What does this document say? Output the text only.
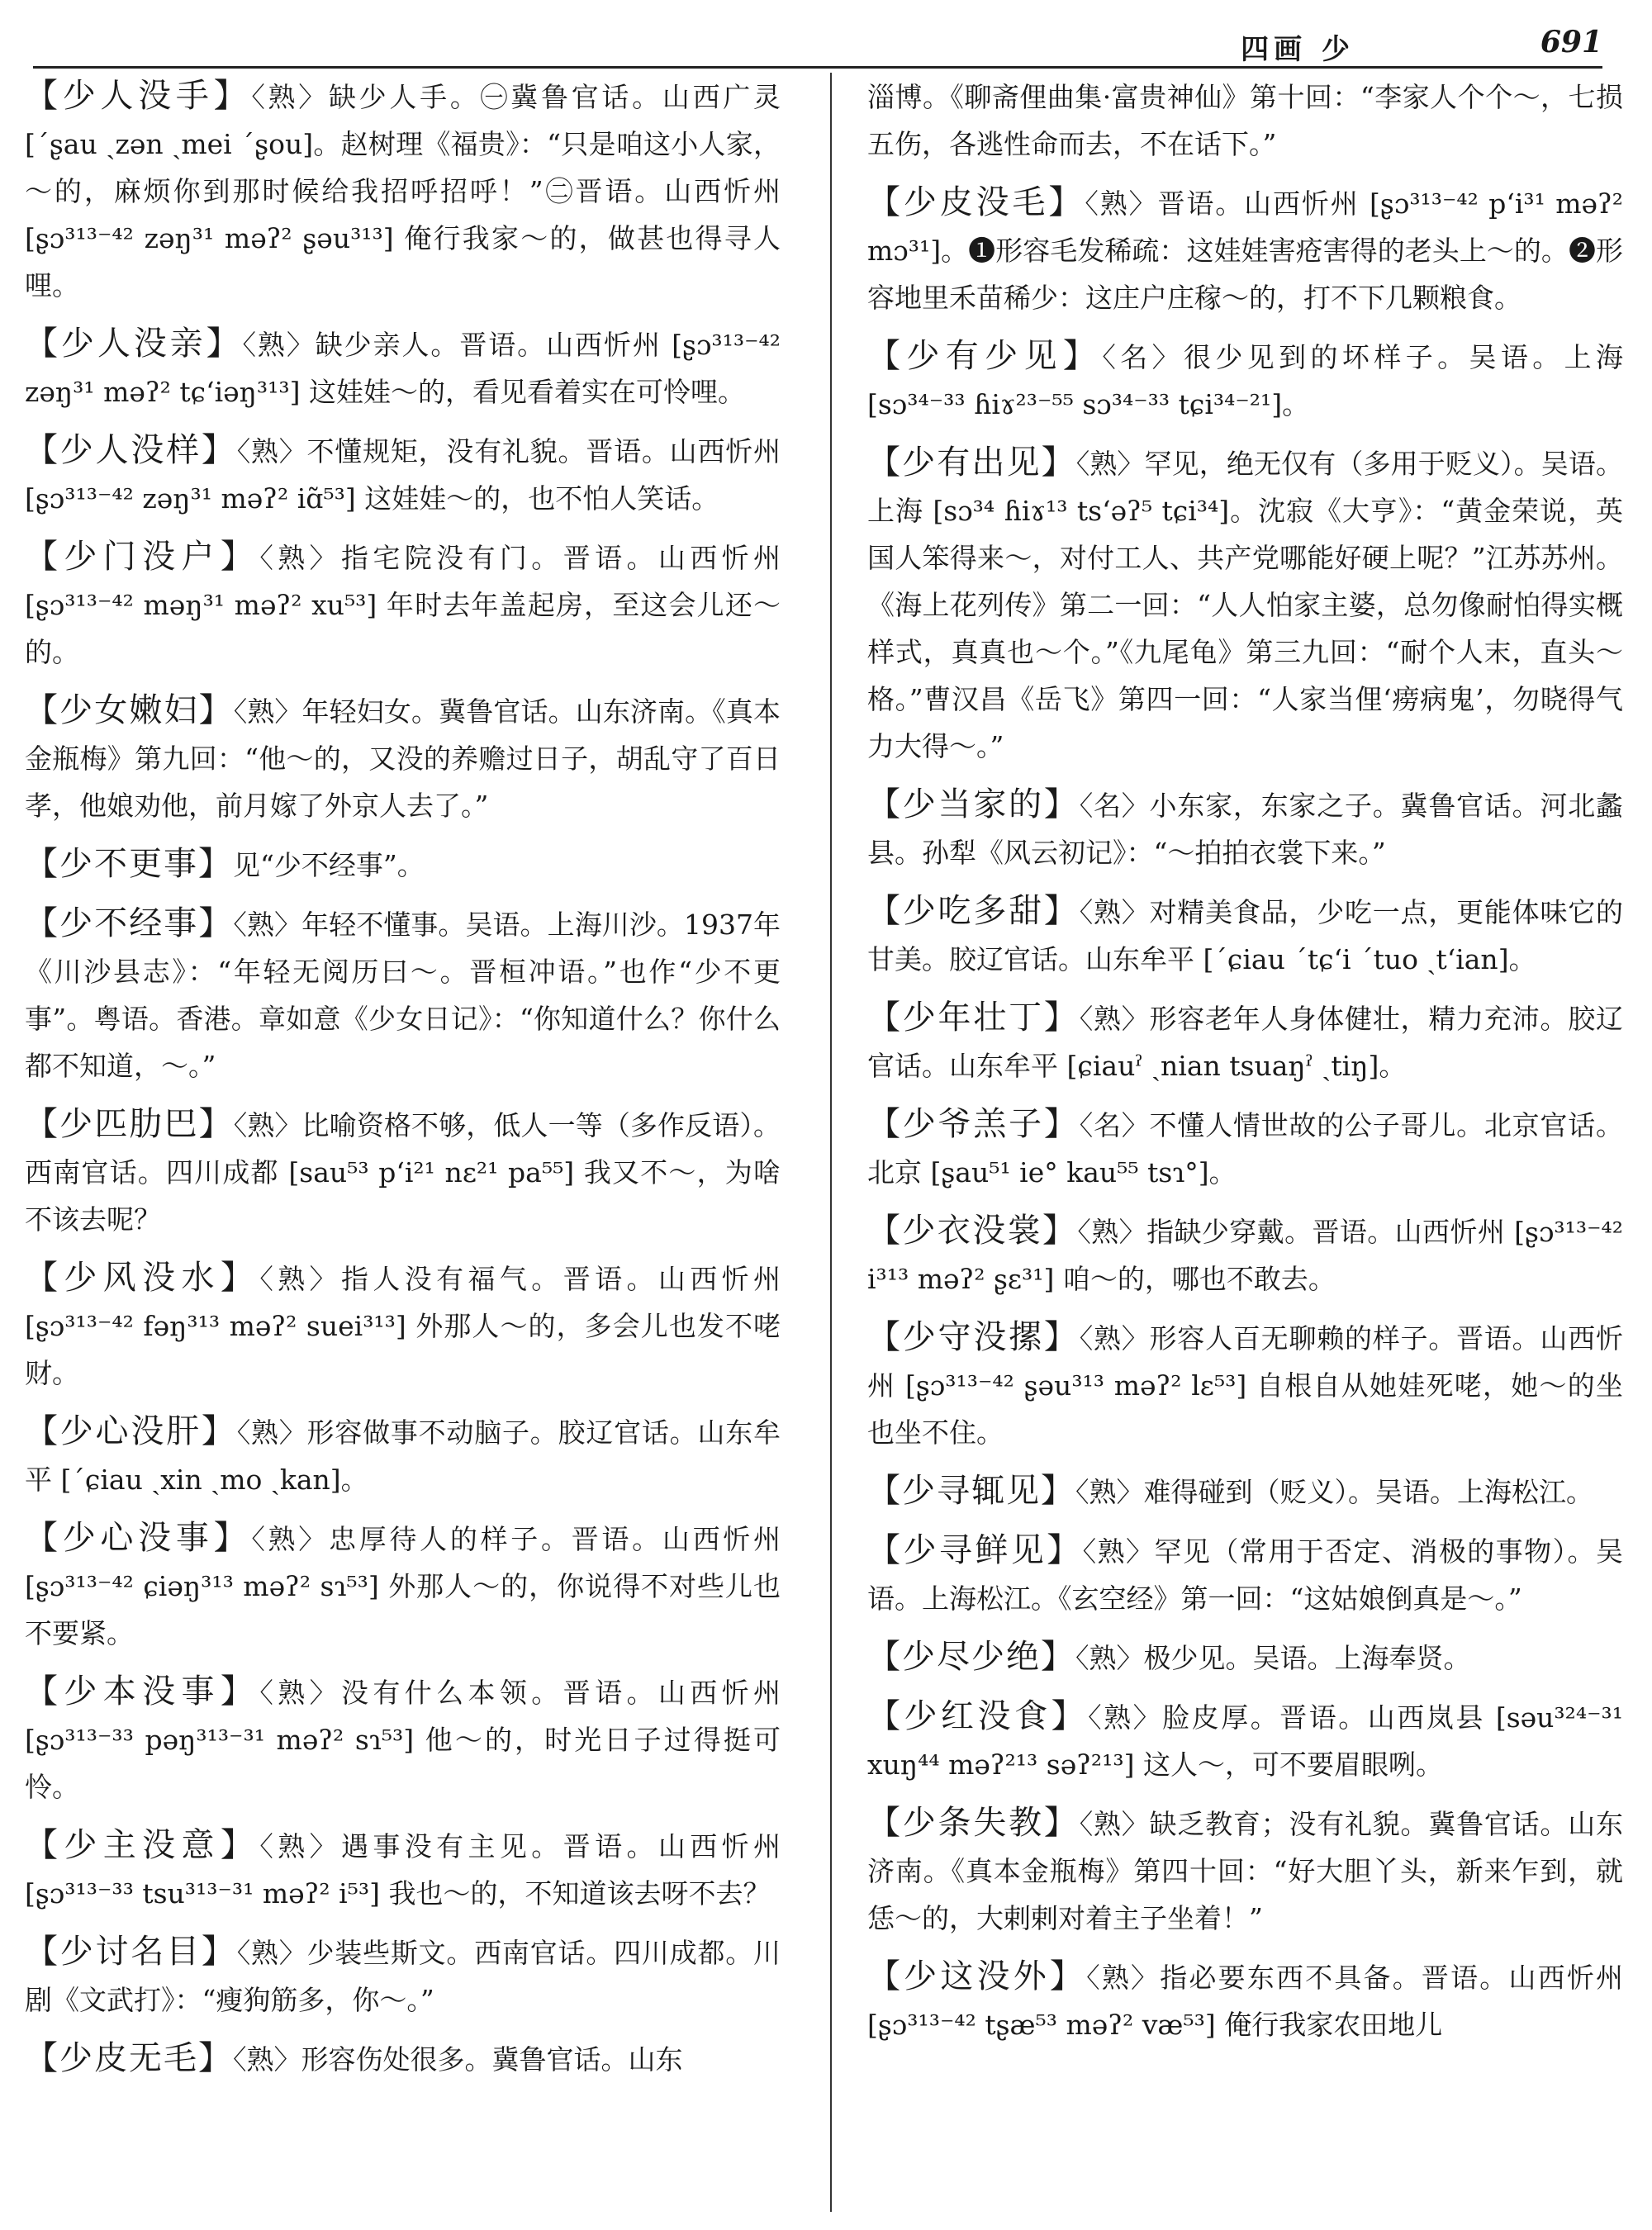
四画 少	691

【少人没手】〈熟〉缺少人手。㊀冀鲁官话。山西广灵 [ˊʂau ˏzən ˏmei ˊʂou]。赵树理《福贵》：“只是咱这小人家，～的，麻烦你到那时候给我招呼招呼！”㊁晋语。山西忻州 [ʂɔ³¹³⁻⁴² zəŋ³¹ məʔ² ʂəu³¹³] 俺行我家～的，做甚也得寻人哩。

【少人没亲】〈熟〉缺少亲人。晋语。山西忻州 [ʂɔ³¹³⁻⁴² zəŋ³¹ məʔ² tɕʻiəŋ³¹³] 这娃娃～的，看见看着实在可怜哩。

【少人没样】〈熟〉不懂规矩，没有礼貌。晋语。山西忻州 [ʂɔ³¹³⁻⁴² zəŋ³¹ məʔ² iɑ̃⁵³] 这娃娃～的，也不怕人笑话。

【少门没户】〈熟〉指宅院没有门。晋语。山西忻州 [ʂɔ³¹³⁻⁴² məŋ³¹ məʔ² xu⁵³] 年时去年盖起房，至这会儿还～的。

【少女嫩妇】〈熟〉年轻妇女。冀鲁官话。山东济南。《真本金瓶梅》第九回：“他～的，又没的养赡过日子，胡乱守了百日孝，他娘劝他，前月嫁了外京人去了。”

【少不更事】见“少不经事”。

【少不经事】〈熟〉年轻不懂事。吴语。上海川沙。1937年《川沙县志》：“年轻无阅历曰～。晋桓冲语。”也作“少不更事”。粤语。香港。章如意《少女日记》：“你知道什么？你什么都不知道，～。”

【少匹肋巴】〈熟〉比喻资格不够，低人一等（多作反语）。西南官话。四川成都 [sau⁵³ pʻi²¹ nɛ²¹ pa⁵⁵] 我又不～，为啥不该去呢？

【少风没水】〈熟〉指人没有福气。晋语。山西忻州 [ʂɔ³¹³⁻⁴² fəŋ³¹³ məʔ² suei³¹³] 外那人～的，多会儿也发不咾财。

【少心没肝】〈熟〉形容做事不动脑子。胶辽官话。山东牟平 [ˊɕiau ˏxin ˏmo ˏkan]。

【少心没事】〈熟〉忠厚待人的样子。晋语。山西忻州 [ʂɔ³¹³⁻⁴² ɕiəŋ³¹³ məʔ² sɿ⁵³] 外那人～的，你说得不对些儿也不要紧。

【少本没事】〈熟〉没有什么本领。晋语。山西忻州 [ʂɔ³¹³⁻³³ pəŋ³¹³⁻³¹ məʔ² sɿ⁵³] 他～的，时光日子过得挺可怜。

【少主没意】〈熟〉遇事没有主见。晋语。山西忻州 [ʂɔ³¹³⁻³³ tsu³¹³⁻³¹ məʔ² i⁵³] 我也～的，不知道该去呀不去？

【少讨名目】〈熟〉少装些斯文。西南官话。四川成都。川剧《文武打》：“瘦狗筋多，你～。”

【少皮无毛】〈熟〉形容伤处很多。冀鲁官话。山东

淄博。《聊斋俚曲集·富贵神仙》第十回：“李家人个个～，七损五伤，各逃性命而去，不在话下。”

【少皮没毛】〈熟〉晋语。山西忻州 [ʂɔ³¹³⁻⁴² pʻi³¹ məʔ² mɔ³¹]。❶形容毛发稀疏：这娃娃害疮害得的老头上～的。❷形容地里禾苗稀少：这庄户庄稼～的，打不下几颗粮食。

【少有少见】〈名〉很少见到的坏样子。吴语。上海 [sɔ³⁴⁻³³ ɦiɤ²³⁻⁵⁵ sɔ³⁴⁻³³ tɕi³⁴⁻²¹]。

【少有出见】〈熟〉罕见，绝无仅有（多用于贬义）。吴语。上海 [sɔ³⁴ ɦiɤ¹³ tsʻəʔ⁵ tɕi³⁴]。沈寂《大亨》：“黄金荣说，英国人笨得来～，对付工人、共产党哪能好硬上呢？”江苏苏州。《海上花列传》第二一回：“人人怕家主婆，总勿像耐怕得实概样式，真真也～个。”《九尾龟》第三九回：“耐个人末，直头～格。”曹汉昌《岳飞》第四一回：“人家当俚‘痨病鬼’，勿晓得气力大得～。”

【少当家的】〈名〉小东家，东家之子。冀鲁官话。河北蠡县。孙犁《风云初记》：“～拍拍衣裳下来。”

【少吃多甜】〈熟〉对精美食品，少吃一点，更能体味它的甘美。胶辽官话。山东牟平 [ˊɕiau ˊtɕʻi ˊtuo ˏtʻian]。

【少年壮丁】〈熟〉形容老年人身体健壮，精力充沛。胶辽官话。山东牟平 [ɕiauˀ ˏnian tsuaŋˀ ˏtiŋ]。

【少爷羔子】〈名〉不懂人情世故的公子哥儿。北京官话。北京 [ʂau⁵¹ ie° kau⁵⁵ tsɿ°]。

【少衣没裳】〈熟〉指缺少穿戴。晋语。山西忻州 [ʂɔ³¹³⁻⁴² i³¹³ məʔ² ʂɛ³¹] 咱～的，哪也不敢去。

【少守没摞】〈熟〉形容人百无聊赖的样子。晋语。山西忻州 [ʂɔ³¹³⁻⁴² ʂəu³¹³ məʔ² lɛ⁵³] 自根自从她娃死咾，她～的坐也坐不住。

【少寻辄见】〈熟〉难得碰到（贬义）。吴语。上海松江。

【少寻鲜见】〈熟〉罕见（常用于否定、消极的事物）。吴语。上海松江。《玄空经》第一回：“这姑娘倒真是～。”

【少尽少绝】〈熟〉极少见。吴语。上海奉贤。

【少红没食】〈熟〉脸皮厚。晋语。山西岚县 [səu³²⁴⁻³¹ xuŋ⁴⁴ məʔ²¹³ səʔ²¹³] 这人～，可不要眉眼咧。

【少条失教】〈熟〉缺乏教育；没有礼貌。冀鲁官话。山东济南。《真本金瓶梅》第四十回：“好大胆丫头，新来乍到，就恁～的，大剌剌对着主子坐着！”

【少这没外】〈熟〉指必要东西不具备。晋语。山西忻州 [ʂɔ³¹³⁻⁴² tʂæ⁵³ məʔ² væ⁵³] 俺行我家农田地儿
